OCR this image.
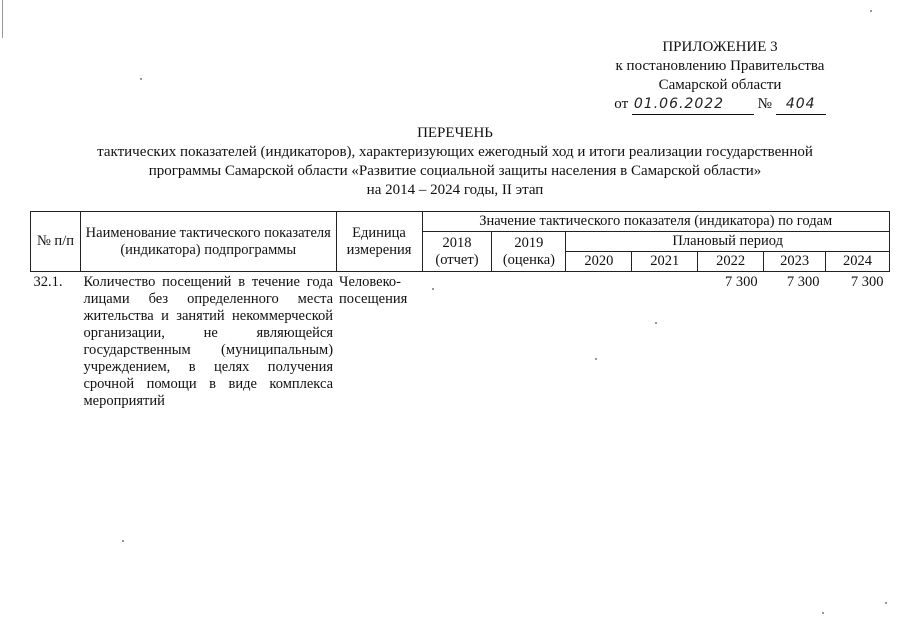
ПРИЛОЖЕНИЕ 3
к постановлению Правительства
Самарской области
от 01.06.2022 № 404
ПЕРЕЧЕНЬ
тактических показателей (индикаторов), характеризующих ежегодный ход и итоги реализации государственной
программы Самарской области «Развитие социальной защиты населения в Самарской области»
на 2014 – 2024 годы, II этап
№ п/п	Наименование тактического показателя (индикатора) подпрограммы	Единица измерения	Значение тактического показателя (индикатора) по годам						
			2018 (отчет)	2019 (оценка)	Плановый период				
					2020	2021	2022	2023	2024
32.1.	Количество посещений в течение года лицами без определенного места жительства и занятий некоммерческой организации, не являющейся государственным (муниципальным) учреждением, в целях получения срочной помощи в виде комплекса мероприятий	Человеко-посещения					7 300	7 300	7 300
